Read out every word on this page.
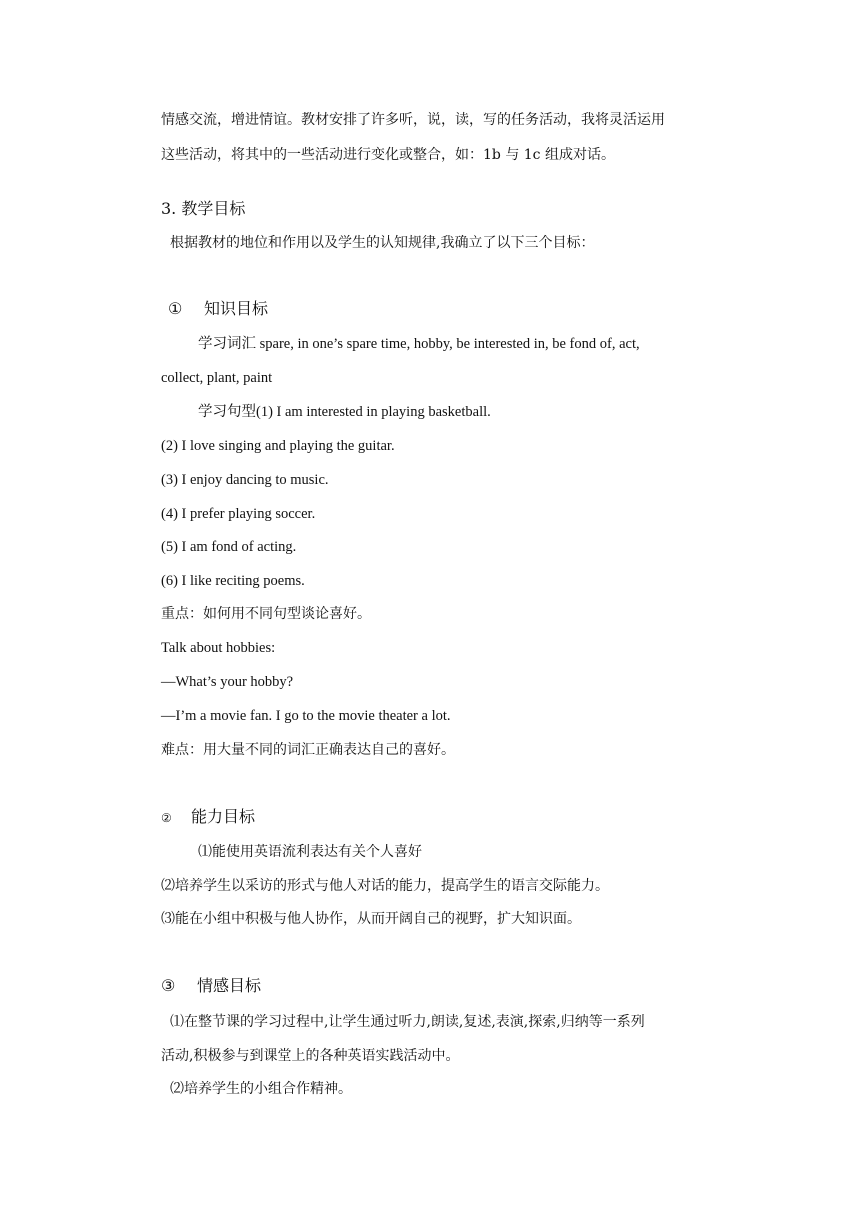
情感交流，增进情谊。教材安排了许多听，说，读，写的任务活动，我将灵活运用
这些活动，将其中的一些活动进行变化或整合，如：1b 与 1c 组成对话。
3. 教学目标
根据教材的地位和作用以及学生的认知规律,我确立了以下三个目标：
① 知识目标
学习词汇 spare, in one’s spare time, hobby, be interested in, be fond of, act,
collect, plant, paint
学习句型(1) I am interested in playing basketball.
(2) I love singing and playing the guitar.
(3) I enjoy dancing to music.
(4) I prefer playing soccer.
(5) I am fond of acting.
(6) I like reciting poems.
重点：如何用不同句型谈论喜好。
Talk about hobbies:
—What’s your hobby?
—I’m a movie fan. I go to the movie theater a lot.
难点：用大量不同的词汇正确表达自己的喜好。
② 能力目标
⑴能使用英语流利表达有关个人喜好
⑵培养学生以采访的形式与他人对话的能力，提高学生的语言交际能力。
⑶能在小组中积极与他人协作，从而开阔自己的视野，扩大知识面。
③ 情感目标
⑴在整节课的学习过程中,让学生通过听力,朗读,复述,表演,探索,归纳等一系列
活动,积极参与到课堂上的各种英语实践活动中。
⑵培养学生的小组合作精神。
